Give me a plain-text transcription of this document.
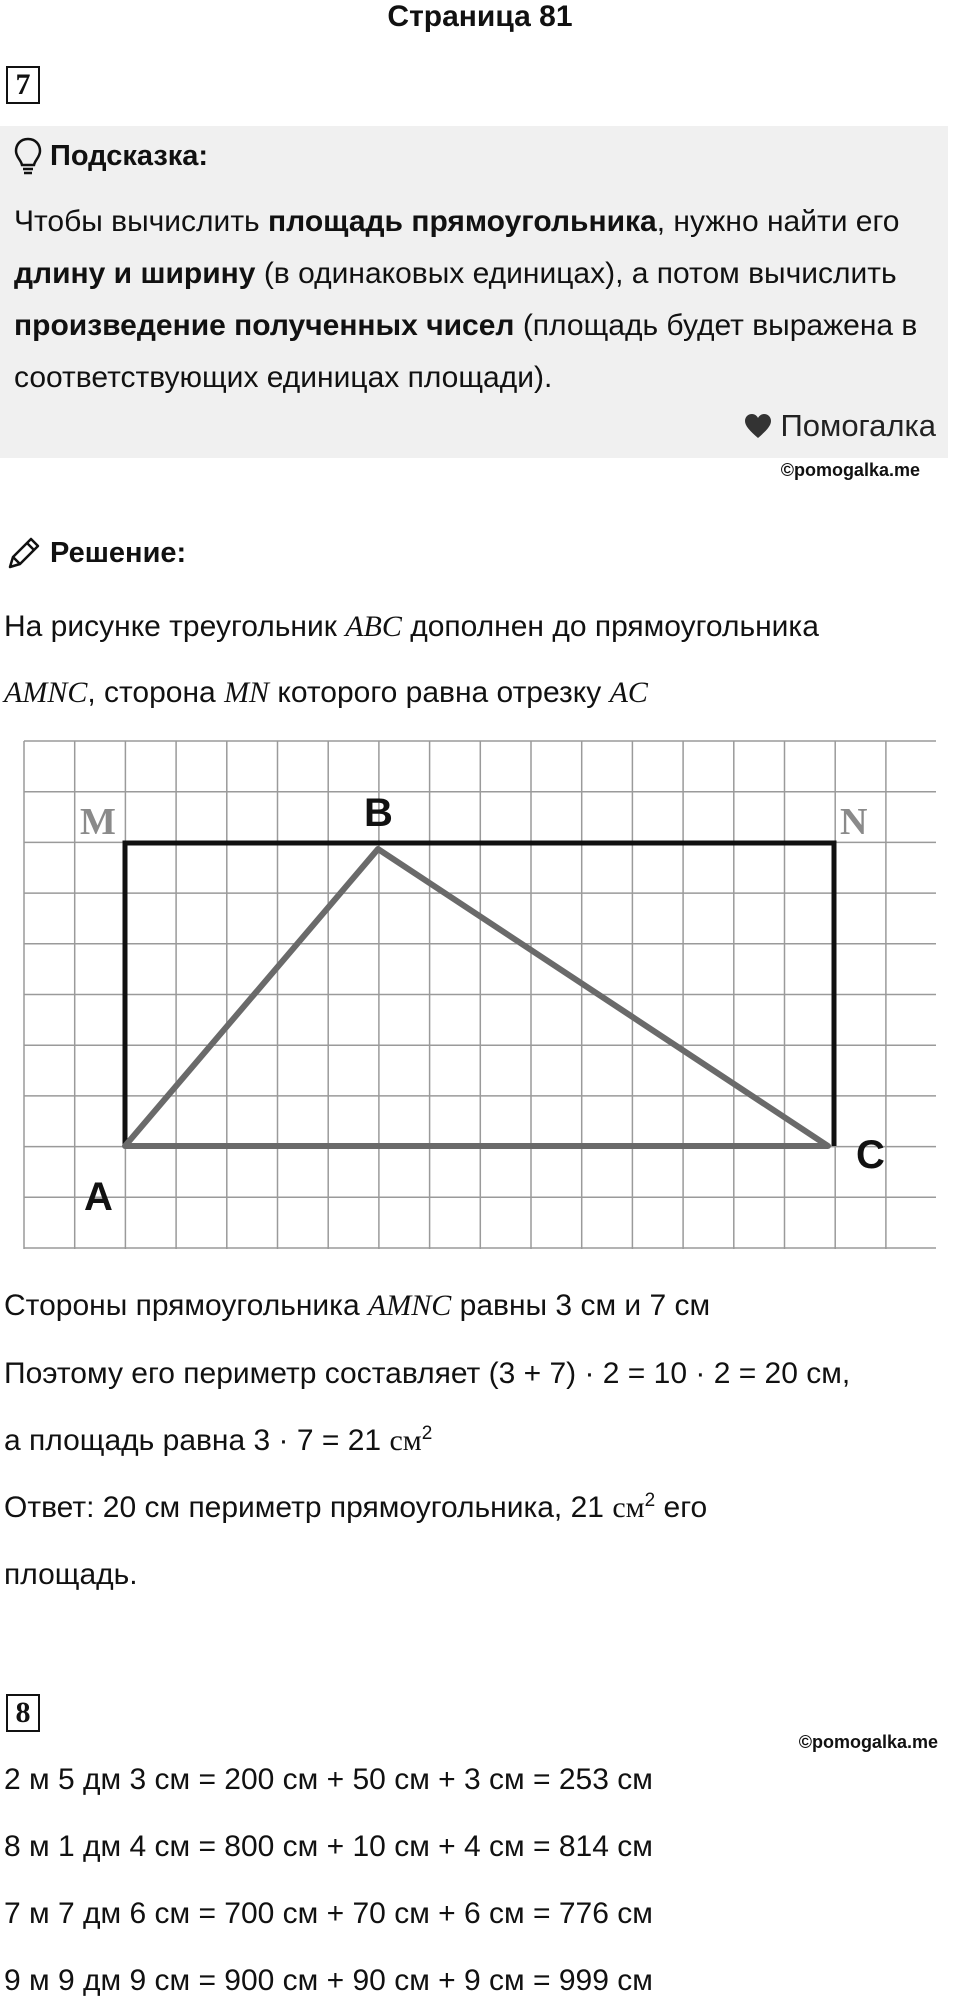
Страница 81
7
Подсказка:
Чтобы вычислить площадь прямоугольника, нужно найти его длину и ширину (в одинаковых единицах), а потом вычислить произведение полученных чисел (площадь будет выражена в соответствующих единицах площади).
Помогалка
©pomogalka.me
Решение:
На рисунке треугольник ABC дополнен до прямоугольника
AMNC, сторона MN которого равна отрезку AC
M	N
B
A
C
Стороны прямоугольника AMNC равны 3 см и 7 см
Поэтому его периметр составляет (3 + 7) · 2 = 10 · 2 = 20 см,
а площадь равна 3 · 7 = 21 $см^2$
Ответ: 20 см периметр прямоугольника, 21 $см^2$ его
площадь.
8
©pomogalka.me
2 м 5 дм 3 см = 200 см + 50 см + 3 см = 253 см
8 м 1 дм 4 см = 800 см + 10 см + 4 см = 814 см
7 м 7 дм 6 см = 700 см + 70 см + 6 см = 776 см
9 м 9 дм 9 см = 900 см + 90 см + 9 см = 999 см
